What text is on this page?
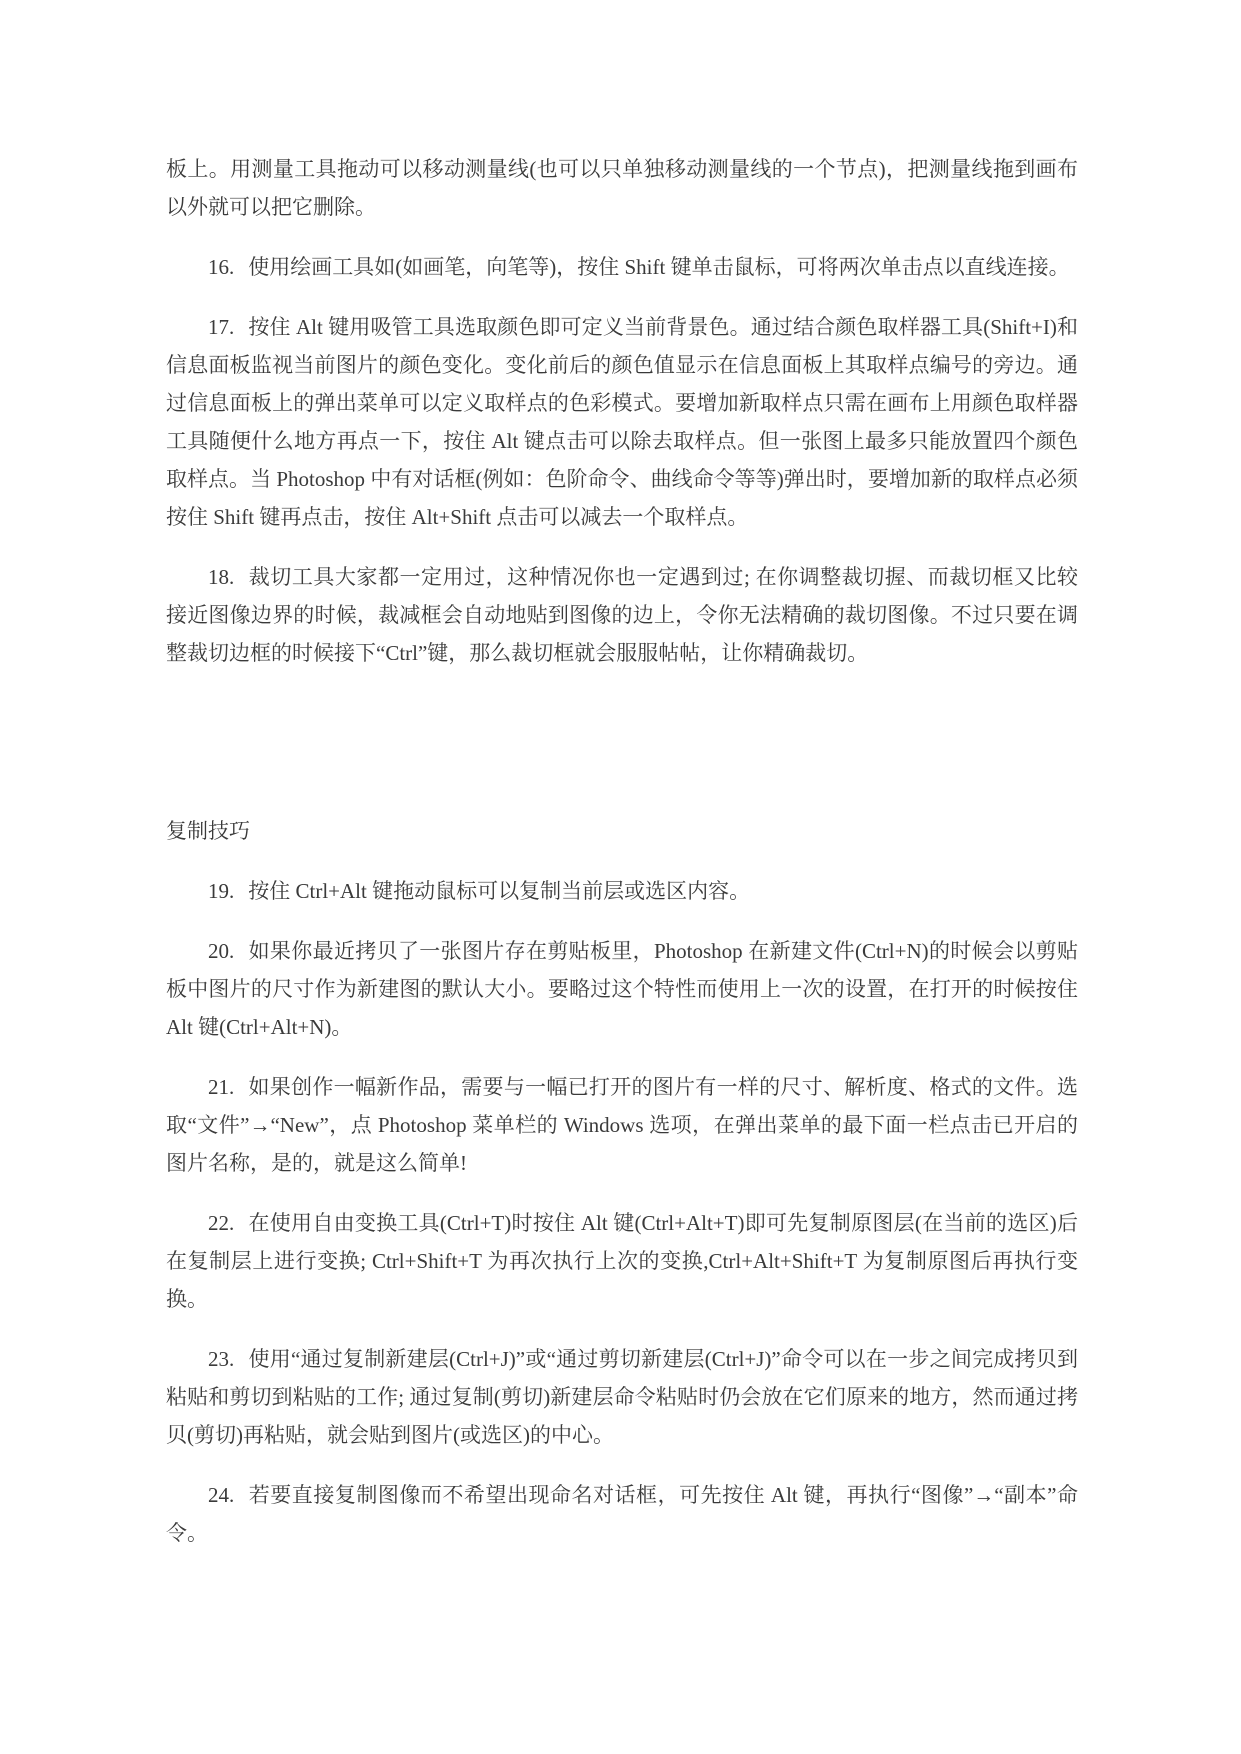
板上。用测量工具拖动可以移动测量线(也可以只单独移动测量线的一个节点)，把测量线拖到画布以外就可以把它删除。

16. 使用绘画工具如(如画笔，向笔等)，按住 Shift 键单击鼠标，可将两次单击点以直线连接。

17. 按住 Alt 键用吸管工具选取颜色即可定义当前背景色。通过结合颜色取样器工具(Shift+I)和信息面板监视当前图片的颜色变化。变化前后的颜色值显示在信息面板上其取样点编号的旁边。通过信息面板上的弹出菜单可以定义取样点的色彩模式。要增加新取样点只需在画布上用颜色取样器工具随便什么地方再点一下，按住 Alt 键点击可以除去取样点。但一张图上最多只能放置四个颜色取样点。当 Photoshop 中有对话框(例如：色阶命令、曲线命令等等)弹出时，要增加新的取样点必须按住 Shift 键再点击，按住 Alt+Shift 点击可以减去一个取样点。

18. 裁切工具大家都一定用过，这种情况你也一定遇到过; 在你调整裁切握、而裁切框又比较接近图像边界的时候，裁减框会自动地贴到图像的边上，令你无法精确的裁切图像。不过只要在调整裁切边框的时候接下“Ctrl”键，那么裁切框就会服服帖帖，让你精确裁切。

复制技巧

19. 按住 Ctrl+Alt 键拖动鼠标可以复制当前层或选区内容。

20. 如果你最近拷贝了一张图片存在剪贴板里，Photoshop 在新建文件(Ctrl+N)的时候会以剪贴板中图片的尺寸作为新建图的默认大小。要略过这个特性而使用上一次的设置，在打开的时候按住 Alt 键(Ctrl+Alt+N)。

21. 如果创作一幅新作品，需要与一幅已打开的图片有一样的尺寸、解析度、格式的文件。选取“文件”→“New”，点 Photoshop 菜单栏的 Windows 选项，在弹出菜单的最下面一栏点击已开启的图片名称，是的，就是这么简单!

22. 在使用自由变换工具(Ctrl+T)时按住 Alt 键(Ctrl+Alt+T)即可先复制原图层(在当前的选区)后在复制层上进行变换; Ctrl+Shift+T 为再次执行上次的变换,Ctrl+Alt+Shift+T 为复制原图后再执行变换。

23. 使用“通过复制新建层(Ctrl+J)”或“通过剪切新建层(Ctrl+J)”命令可以在一步之间完成拷贝到粘贴和剪切到粘贴的工作; 通过复制(剪切)新建层命令粘贴时仍会放在它们原来的地方，然而通过拷贝(剪切)再粘贴，就会贴到图片(或选区)的中心。

24. 若要直接复制图像而不希望出现命名对话框，可先按住 Alt 键，再执行“图像”→“副本”命令。
